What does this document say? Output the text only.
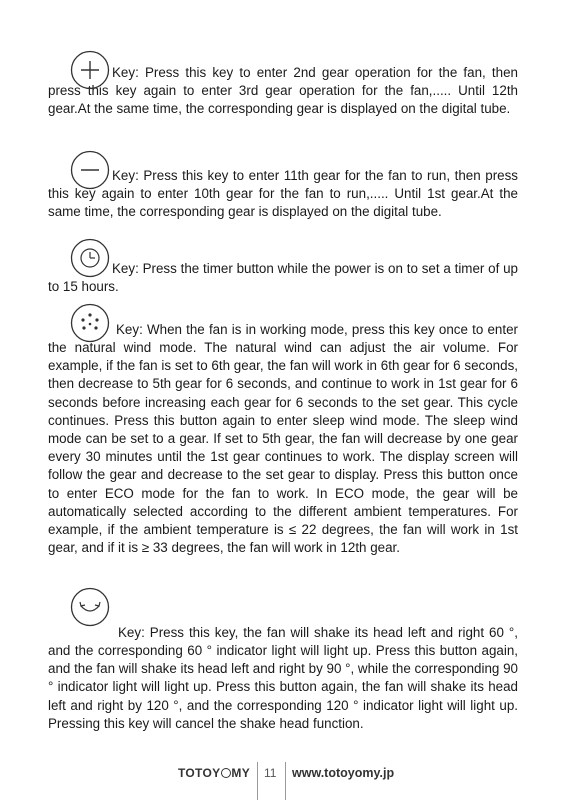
Key: Press this key to enter 2nd gear operation for the fan, then press this key again to enter 3rd gear operation for the fan,..... Until 12th gear.At the same time, the corresponding gear is displayed on the digital tube.

Key: Press this key to enter 11th gear for the fan to run, then press this key again to enter 10th gear for the fan to run,..... Until 1st gear.At the same time, the corresponding gear is displayed on the digital tube.

Key: Press the timer button while the power is on to set a timer of up to 15 hours.

Key: When the fan is in working mode, press this key once to enter the natural wind mode. The natural wind can adjust the air volume. For example, if the fan is set to 6th gear, the fan will work in 6th gear for 6 seconds, then decrease to 5th gear for 6 seconds, and continue to work in 1st gear for 6 seconds before increasing each gear for 6 seconds to the set gear. This cycle continues. Press this button again to enter sleep wind mode. The sleep wind mode can be set to a gear. If set to 5th gear, the fan will decrease by one gear every 30 minutes until the 1st gear continues to work. The display screen will follow the gear and decrease to the set gear to display. Press this button once to enter ECO mode for the fan to work. In ECO mode, the gear will be automatically selected according to the different ambient temperatures. For example, if the ambient temperature is ≤ 22 degrees, the fan will work in 1st gear, and if it is ≥ 33 degrees, the fan will work in 12th gear.

Key: Press this key, the fan will shake its head left and right 60 °, and the corresponding 60 ° indicator light will light up. Press this button again, and the fan will shake its head left and right by 90 °, while the corresponding 90 ° indicator light will light up. Press this button again, the fan will shake its head left and right by 120 °, and the corresponding 120 ° indicator light will light up. Pressing this key will cancel the shake head function.

TOTOY MY 11 www.totoyomy.jp
